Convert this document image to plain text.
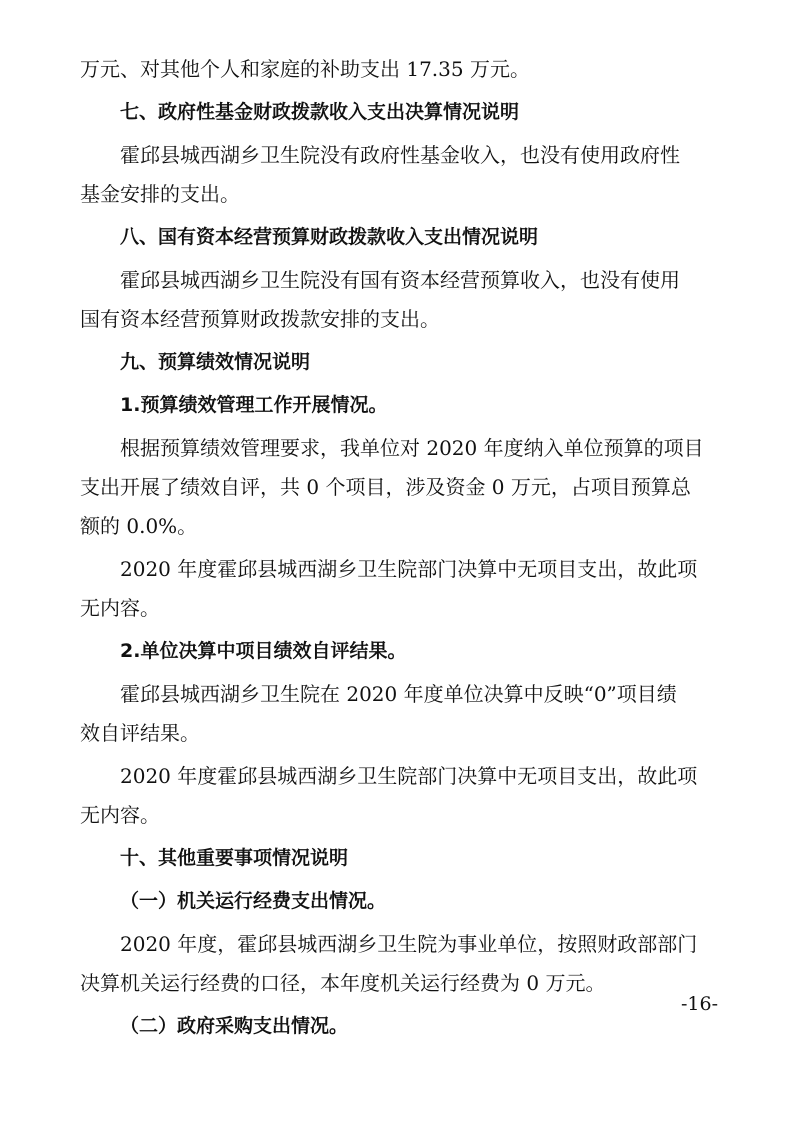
万元、对其他个人和家庭的补助支出 17.35 万元。
七、政府性基金财政拨款收入支出决算情况说明
霍邱县城西湖乡卫生院没有政府性基金收入，也没有使用政府性
基金安排的支出。
八、国有资本经营预算财政拨款收入支出情况说明
霍邱县城西湖乡卫生院没有国有资本经营预算收入，也没有使用
国有资本经营预算财政拨款安排的支出。
九、预算绩效情况说明
1.预算绩效管理工作开展情况。
根据预算绩效管理要求，我单位对 2020 年度纳入单位预算的项目
支出开展了绩效自评，共 0 个项目，涉及资金 0 万元，占项目预算总
额的 0.0%。
2020 年度霍邱县城西湖乡卫生院部门决算中无项目支出，故此项
无内容。
2.单位决算中项目绩效自评结果。
霍邱县城西湖乡卫生院在 2020 年度单位决算中反映“0”项目绩
效自评结果。
2020 年度霍邱县城西湖乡卫生院部门决算中无项目支出，故此项
无内容。
十、其他重要事项情况说明
（一）机关运行经费支出情况。
2020 年度，霍邱县城西湖乡卫生院为事业单位，按照财政部部门
决算机关运行经费的口径，本年度机关运行经费为 0 万元。
（二）政府采购支出情况。
-16-
